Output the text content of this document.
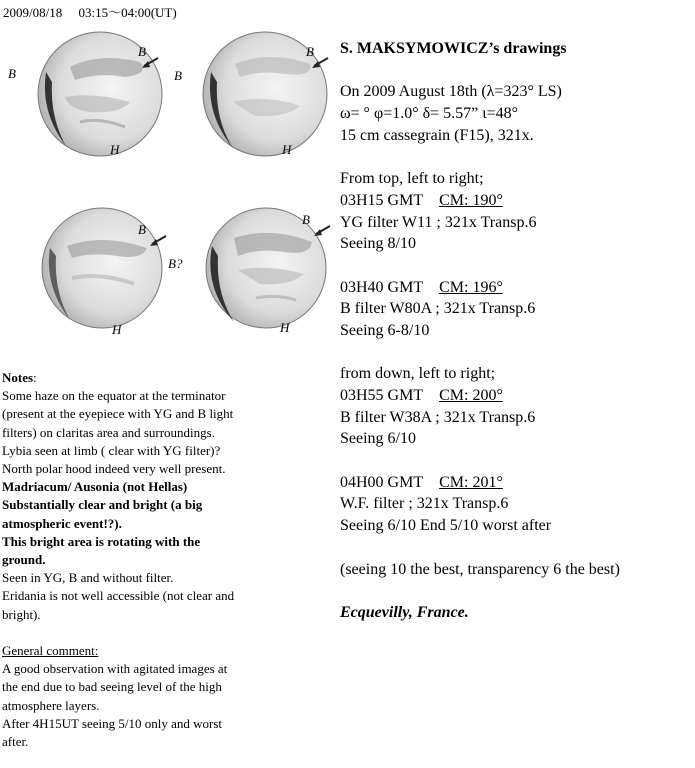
2009/08/18　 03:15～04:00(UT)
B
B
H
B
B
H
B
H
B?
B
H
S. MAKSYMOWICZ’s drawings
On 2009 August 18th (λ=323° LS)
ω= ° φ=1.0° δ= 5.57” ι=48°
15 cm cassegrain (F15), 321x.
From top, left to right;
03H15 GMT CM: 190°
YG filter W11 ; 321x Transp.6
Seeing 8/10
03H40 GMT CM: 196°
B filter W80A ; 321x Transp.6
Seeing 6-8/10
from down, left to right;
03H55 GMT CM: 200°
B filter W38A ; 321x Transp.6
Seeing 6/10
04H00 GMT CM: 201°
W.F. filter ; 321x Transp.6
Seeing 6/10 End 5/10 worst after
(seeing 10 the best, transparency 6 the best)
Ecquevilly, France.
Notes:
Some haze on the equator at the terminator
(present at the eyepiece with YG and B light
filters) on claritas area and surroundings.
Lybia seen at limb ( clear with YG filter)?
North polar hood indeed very well present.
Madriacum/ Ausonia (not Hellas)
Substantially clear and bright (a big
atmospheric event!?).
This bright area is rotating with the
ground.
Seen in YG, B and without filter.
Eridania is not well accessible (not clear and
bright).

General comment:
A good observation with agitated images at
the end due to bad seeing level of the high
atmosphere layers.
After 4H15UT seeing 5/10 only and worst
after.
